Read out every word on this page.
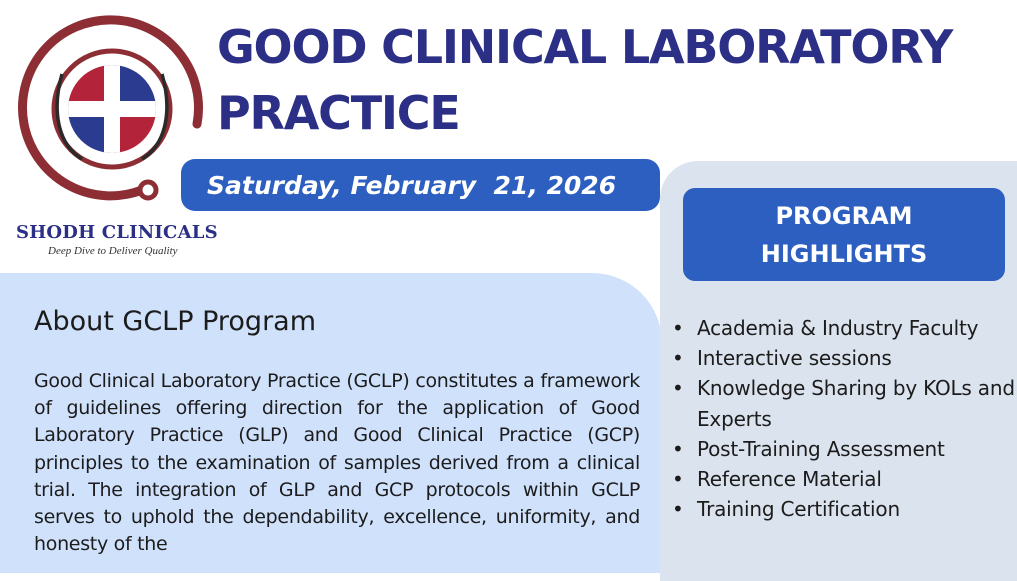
SHODH CLINICALS
Deep Dive to Deliver Quality
GOOD CLINICAL LABORATORY PRACTICE
Saturday, February  21, 2026
About GCLP Program
Good Clinical Laboratory Practice (GCLP) constitutes a framework of guidelines offering direction for the application of Good Laboratory Practice (GLP) and Good Clinical Practice (GCP) principles to the examination of samples derived from a clinical trial. The integration of GLP and GCP protocols within GCLP serves to uphold the dependability, excellence, uniformity, and honesty of the
PROGRAM
HIGHLIGHTS
• Academia & Industry Faculty
• Interactive sessions
• Knowledge Sharing by KOLs and Experts
• Post-Training Assessment
• Reference Material
• Training Certification
